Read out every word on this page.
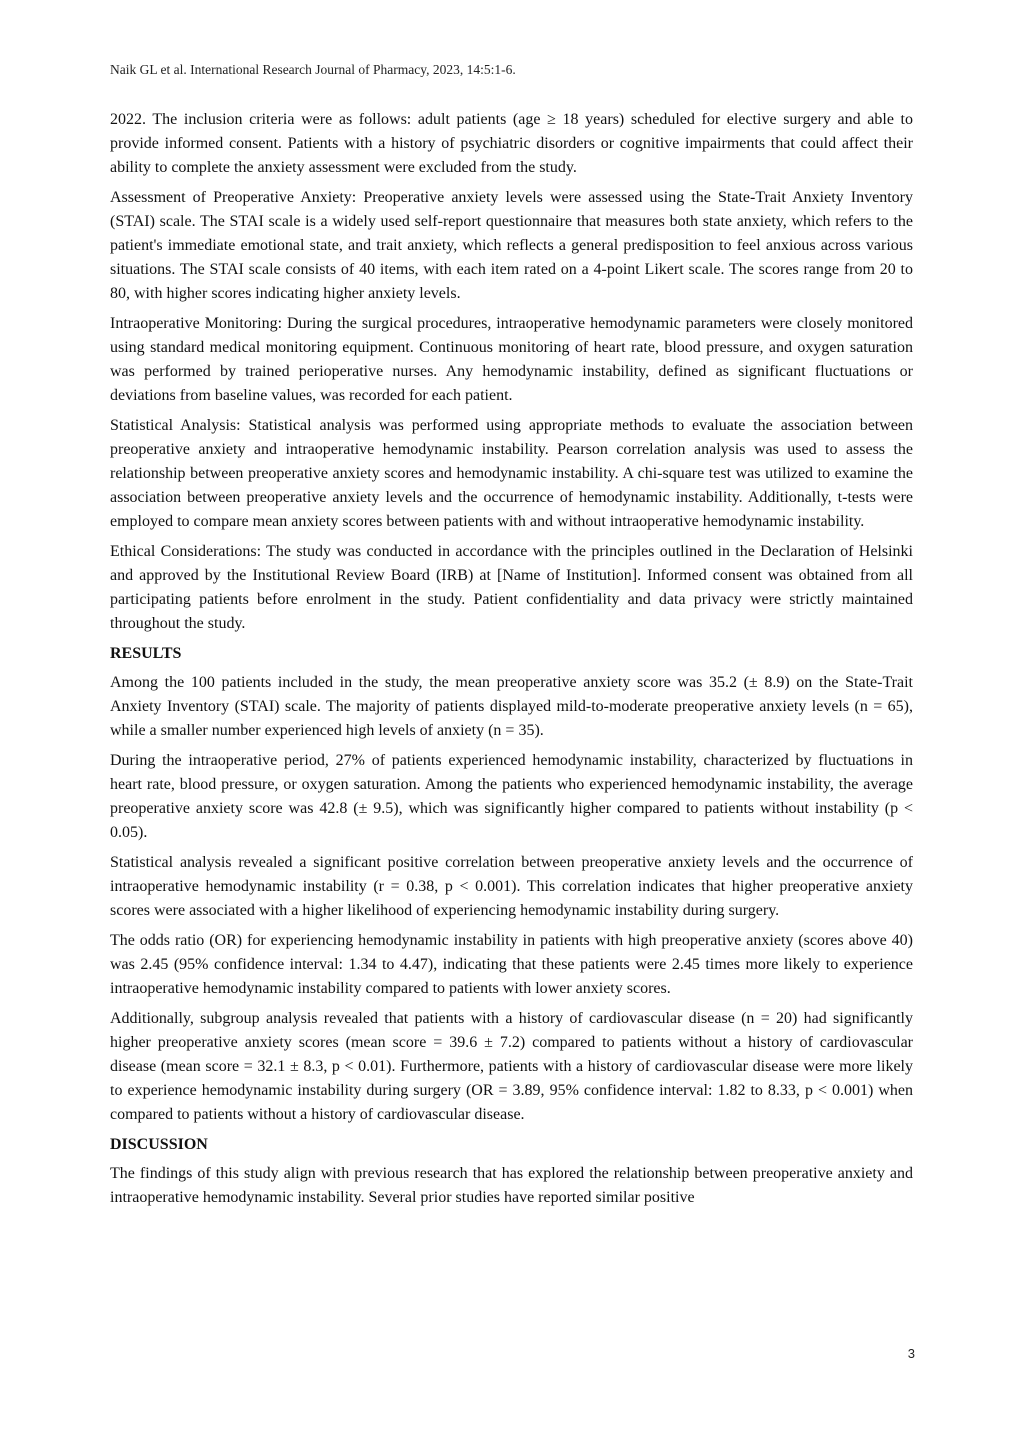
Naik GL et al. International Research Journal of Pharmacy, 2023, 14:5:1-6.

2022. The inclusion criteria were as follows: adult patients (age ≥ 18 years) scheduled for elective surgery and able to provide informed consent. Patients with a history of psychiatric disorders or cognitive impairments that could affect their ability to complete the anxiety assessment were excluded from the study.

Assessment of Preoperative Anxiety: Preoperative anxiety levels were assessed using the State-Trait Anxiety Inventory (STAI) scale. The STAI scale is a widely used self-report questionnaire that measures both state anxiety, which refers to the patient's immediate emotional state, and trait anxiety, which reflects a general predisposition to feel anxious across various situations. The STAI scale consists of 40 items, with each item rated on a 4-point Likert scale. The scores range from 20 to 80, with higher scores indicating higher anxiety levels.

Intraoperative Monitoring: During the surgical procedures, intraoperative hemodynamic parameters were closely monitored using standard medical monitoring equipment. Continuous monitoring of heart rate, blood pressure, and oxygen saturation was performed by trained perioperative nurses. Any hemodynamic instability, defined as significant fluctuations or deviations from baseline values, was recorded for each patient.

Statistical Analysis: Statistical analysis was performed using appropriate methods to evaluate the association between preoperative anxiety and intraoperative hemodynamic instability. Pearson correlation analysis was used to assess the relationship between preoperative anxiety scores and hemodynamic instability. A chi-square test was utilized to examine the association between preoperative anxiety levels and the occurrence of hemodynamic instability. Additionally, t-tests were employed to compare mean anxiety scores between patients with and without intraoperative hemodynamic instability.

Ethical Considerations: The study was conducted in accordance with the principles outlined in the Declaration of Helsinki and approved by the Institutional Review Board (IRB) at [Name of Institution]. Informed consent was obtained from all participating patients before enrolment in the study. Patient confidentiality and data privacy were strictly maintained throughout the study.

RESULTS

Among the 100 patients included in the study, the mean preoperative anxiety score was 35.2 (± 8.9) on the State-Trait Anxiety Inventory (STAI) scale. The majority of patients displayed mild-to-moderate preoperative anxiety levels (n = 65), while a smaller number experienced high levels of anxiety (n = 35).

During the intraoperative period, 27% of patients experienced hemodynamic instability, characterized by fluctuations in heart rate, blood pressure, or oxygen saturation. Among the patients who experienced hemodynamic instability, the average preoperative anxiety score was 42.8 (± 9.5), which was significantly higher compared to patients without instability (p < 0.05).

Statistical analysis revealed a significant positive correlation between preoperative anxiety levels and the occurrence of intraoperative hemodynamic instability (r = 0.38, p < 0.001). This correlation indicates that higher preoperative anxiety scores were associated with a higher likelihood of experiencing hemodynamic instability during surgery.

The odds ratio (OR) for experiencing hemodynamic instability in patients with high preoperative anxiety (scores above 40) was 2.45 (95% confidence interval: 1.34 to 4.47), indicating that these patients were 2.45 times more likely to experience intraoperative hemodynamic instability compared to patients with lower anxiety scores.

Additionally, subgroup analysis revealed that patients with a history of cardiovascular disease (n = 20) had significantly higher preoperative anxiety scores (mean score = 39.6 ± 7.2) compared to patients without a history of cardiovascular disease (mean score = 32.1 ± 8.3, p < 0.01). Furthermore, patients with a history of cardiovascular disease were more likely to experience hemodynamic instability during surgery (OR = 3.89, 95% confidence interval: 1.82 to 8.33, p < 0.001) when compared to patients without a history of cardiovascular disease.

DISCUSSION

The findings of this study align with previous research that has explored the relationship between preoperative anxiety and intraoperative hemodynamic instability. Several prior studies have reported similar positive

3
